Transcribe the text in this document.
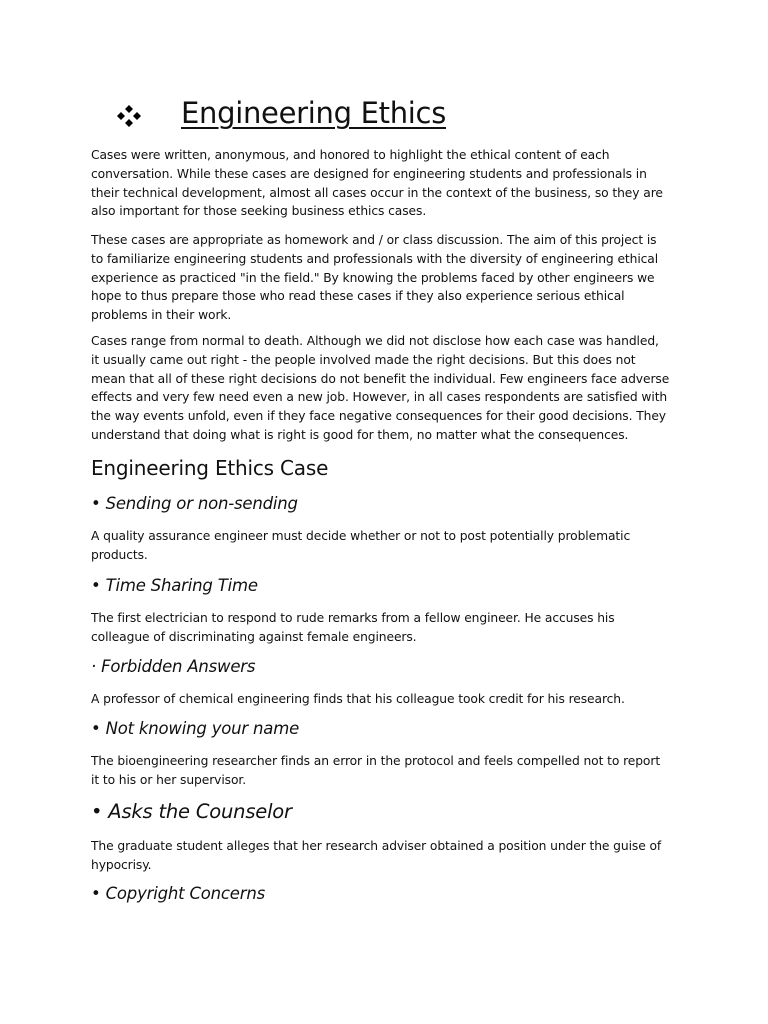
Engineering Ethics
Cases were written, anonymous, and honored to highlight the ethical content of each
conversation. While these cases are designed for engineering students and professionals in
their technical development, almost all cases occur in the context of the business, so they are
also important for those seeking business ethics cases.
These cases are appropriate as homework and / or class discussion. The aim of this project is
to familiarize engineering students and professionals with the diversity of engineering ethical
experience as practiced "in the field." By knowing the problems faced by other engineers we
hope to thus prepare those who read these cases if they also experience serious ethical
problems in their work.
Cases range from normal to death. Although we did not disclose how each case was handled,
it usually came out right - the people involved made the right decisions. But this does not
mean that all of these right decisions do not benefit the individual. Few engineers face adverse
effects and very few need even a new job. However, in all cases respondents are satisfied with
the way events unfold, even if they face negative consequences for their good decisions. They
understand that doing what is right is good for them, no matter what the consequences.
Engineering Ethics Case
• Sending or non-sending
A quality assurance engineer must decide whether or not to post potentially problematic
products.
• Time Sharing Time
The first electrician to respond to rude remarks from a fellow engineer. He accuses his
colleague of discriminating against female engineers.
· Forbidden Answers
A professor of chemical engineering finds that his colleague took credit for his research.
• Not knowing your name
The bioengineering researcher finds an error in the protocol and feels compelled not to report
it to his or her supervisor.
• Asks the Counselor
The graduate student alleges that her research adviser obtained a position under the guise of
hypocrisy.
• Copyright Concerns
